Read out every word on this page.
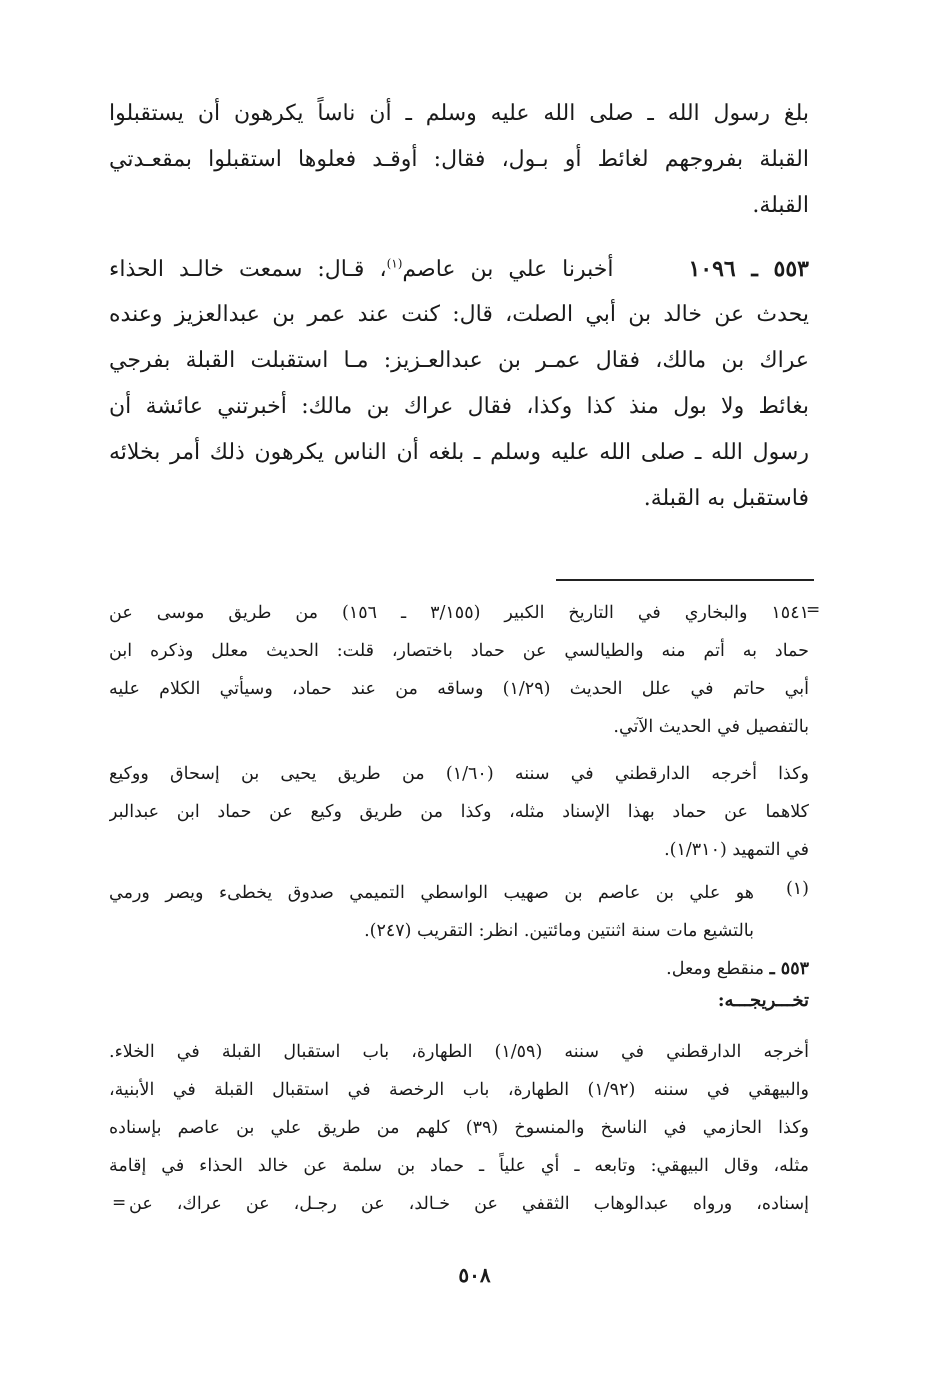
بلغ رسول الله ـ صلى الله عليه وسلم ـ أن ناساً يكرهون أن يستقبلوا
القبلة بفروجهم لغائط أو بـول، فقال: أوقـد فعلوها استقبلوا بمقعـدتي
القبلة.
٥٥٣ ـ ١٠٩٦     أخبرنا علي بن عاصم$^{(١)}$، قـال: سمعت خالـد الحذاء
يحدث عن خالد بن أبي الصلت، قال: كنت عند عمر بن عبدالعزيز وعنده
عراك بن مالك، فقال عمـر بن عبدالعـزيز: مـا استقبلت القبلة بفرجي
بغائط ولا بول منذ كذا وكذا، فقال عراك بن مالك: أخبرتني عائشة أن
رسول الله ـ صلى الله عليه وسلم ـ بلغه أن الناس يكرهون ذلك أمر بخلائه
فاستقبل به القبلة.
=
١٥٤١ والبخاري في التاريخ الكبير (٣/١٥٥ ـ ١٥٦) من طريق موسى عن
حماد به أتم منه والطيالسي عن حماد باختصار، قلت: الحديث معلل وذكره ابن
أبي حاتم في علل الحديث (١/٢٩) وساقه من عند حماد، وسيأتي الكلام عليه
بالتفصيل في الحديث الآتي.
وكذا أخرجه الدارقطني في سننه (١/٦٠) من طريق يحيى بن إسحاق ووكيع
كلاهما عن حماد بهذا الإسناد مثله، وكذا من طريق وكيع عن حماد ابن عبدالبر
في التمهيد (١/٣١٠).
(١)
هو علي بن عاصم بن صهيب الواسطي التميمي صدوق يخطىء ويصر ورمي
بالتشيع مات سنة اثنتين ومائتين. انظر: التقريب (٢٤٧).
٥٥٣ ـ منقطع ومعل.
تخـــريجـــه:
أخرجه الدارقطني في سننه (١/٥٩) الطهارة، باب استقبال القبلة في الخلاء.
والبيهقي في سننه (١/٩٢) الطهارة، باب الرخصة في استقبال القبلة في الأبنية،
وكذا الحازمي في الناسخ والمنسوخ (٣٩) كلهم من طريق علي بن عاصم بإسناده
مثله، وقال البيهقي: وتابعه ـ أي علياً ـ حماد بن سلمة عن خالد الحذاء في إقامة
إسناده، ورواه عبدالوهاب الثقفي عن خـالد، عن رجـل، عن عراك، عن
=
٥٠٨
